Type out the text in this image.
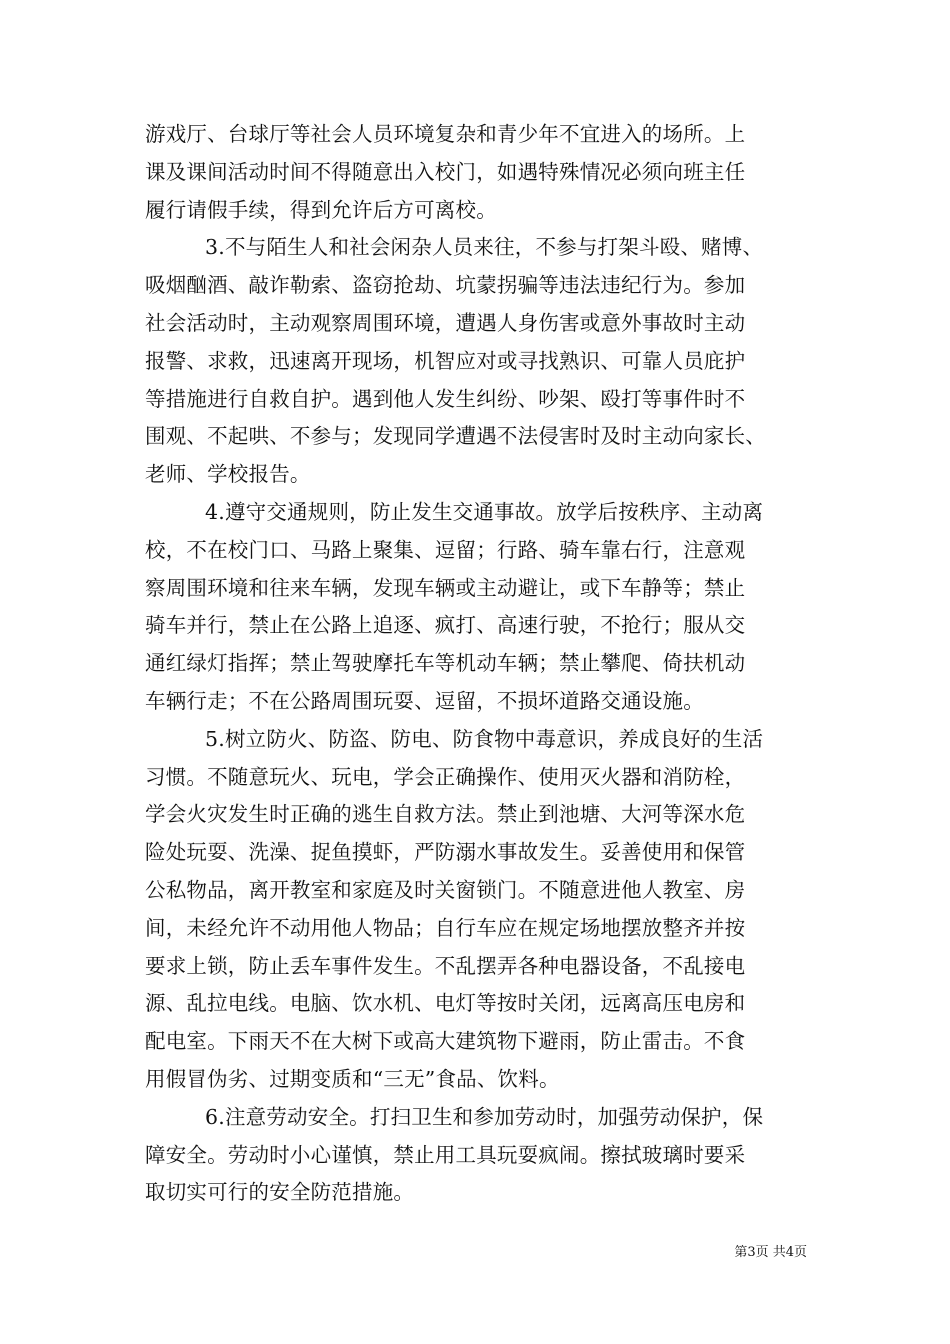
游戏厅、台球厅等社会人员环境复杂和青少年不宜进入的场所。上
课及课间活动时间不得随意出入校门，如遇特殊情况必须向班主任
履行请假手续，得到允许后方可离校。
3.不与陌生人和社会闲杂人员来往，不参与打架斗殴、赌博、
吸烟酗酒、敲诈勒索、盗窃抢劫、坑蒙拐骗等违法违纪行为。参加
社会活动时，主动观察周围环境，遭遇人身伤害或意外事故时主动
报警、求救，迅速离开现场，机智应对或寻找熟识、可靠人员庇护
等措施进行自救自护。遇到他人发生纠纷、吵架、殴打等事件时不
围观、不起哄、不参与；发现同学遭遇不法侵害时及时主动向家长、
老师、学校报告。
4.遵守交通规则，防止发生交通事故。放学后按秩序、主动离
校，不在校门口、马路上聚集、逗留；行路、骑车靠右行，注意观
察周围环境和往来车辆，发现车辆或主动避让，或下车静等；禁止
骑车并行，禁止在公路上追逐、疯打、高速行驶，不抢行；服从交
通红绿灯指挥；禁止驾驶摩托车等机动车辆；禁止攀爬、倚扶机动
车辆行走；不在公路周围玩耍、逗留，不损坏道路交通设施。
5.树立防火、防盗、防电、防食物中毒意识，养成良好的生活
习惯。不随意玩火、玩电，学会正确操作、使用灭火器和消防栓，
学会火灾发生时正确的逃生自救方法。禁止到池塘、大河等深水危
险处玩耍、洗澡、捉鱼摸虾，严防溺水事故发生。妥善使用和保管
公私物品，离开教室和家庭及时关窗锁门。不随意进他人教室、房
间，未经允许不动用他人物品；自行车应在规定场地摆放整齐并按
要求上锁，防止丢车事件发生。不乱摆弄各种电器设备，不乱接电
源、乱拉电线。电脑、饮水机、电灯等按时关闭，远离高压电房和
配电室。下雨天不在大树下或高大建筑物下避雨，防止雷击。不食
用假冒伪劣、过期变质和“三无”食品、饮料。
6.注意劳动安全。打扫卫生和参加劳动时，加强劳动保护，保
障安全。劳动时小心谨慎，禁止用工具玩耍疯闹。擦拭玻璃时要采
取切实可行的安全防范措施。
第3页 共4页
